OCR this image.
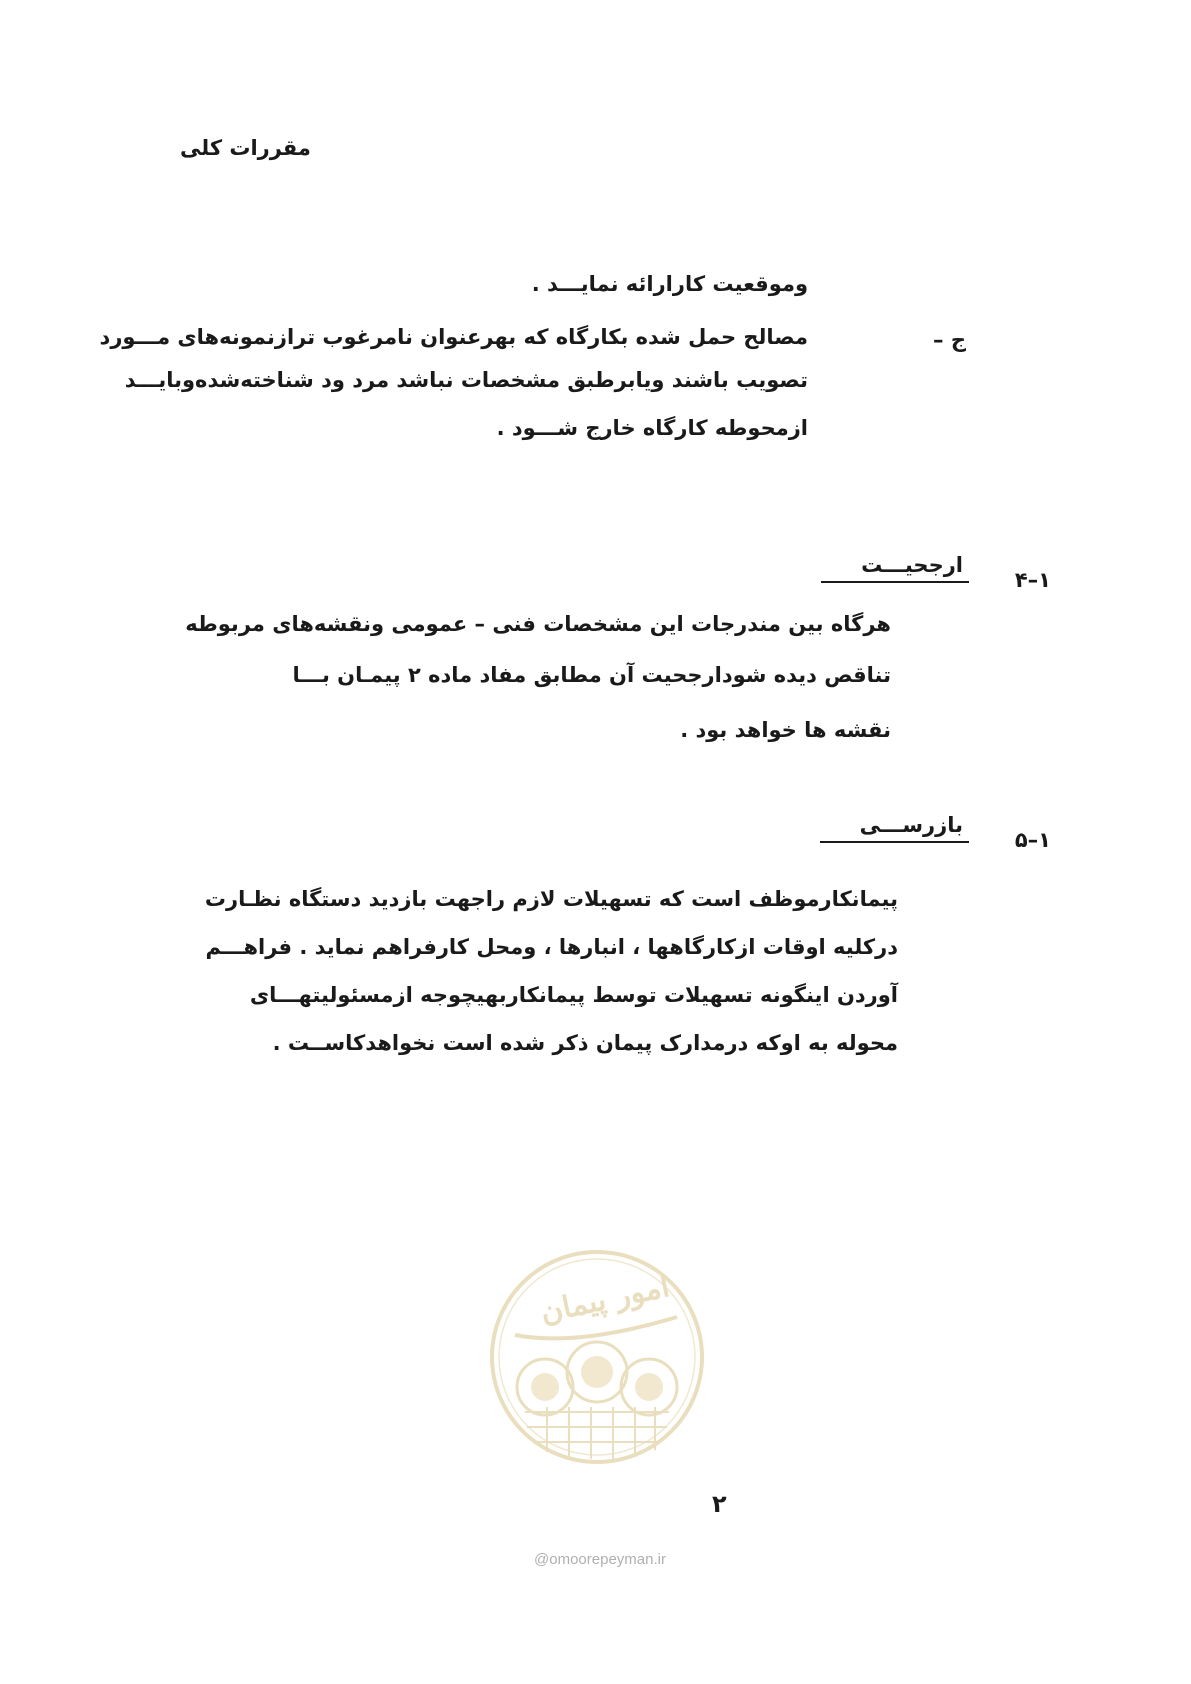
مقررات کلی
وموقعیت کارارائه نمایـــد .
ج –
مصالح حمل شده بکارگاه که بهرعنوان نامرغوب ترازنمونه‌های مـــورد
تصویب باشند ویابرطبق مشخصات نباشد مرد ود شناخته‌شده‌وبایـــد
ازمحوطه کارگاه خارج شـــود .
۱–۴
ارجحیـــت
هرگاه بین مندرجات این مشخصات فنی – عمومی ونقشه‌های مربوطه
تناقص دیده شودارجحیت آن مطابق مفاد ماده ۲ پیمـان بـــا
نقشه ها خواهد بود .
۱–۵
بازرســـی
پیمانکارموظف است که تسهیلات لازم راجهت بازدید دستگاه نظـارت
درکلیه اوقات ازکارگاهها ، انبارها ، ومحل کارفراهم نماید . فراهـــم
آوردن اینگونه تسهیلات توسط پیمانکاربهیچوجه ازمسئولیتهـــای
محوله به اوکه درمدارک پیمان ذکر شده است نخواهدکاســت .
امور پیمان
۲
@omoorepeyman.ir
